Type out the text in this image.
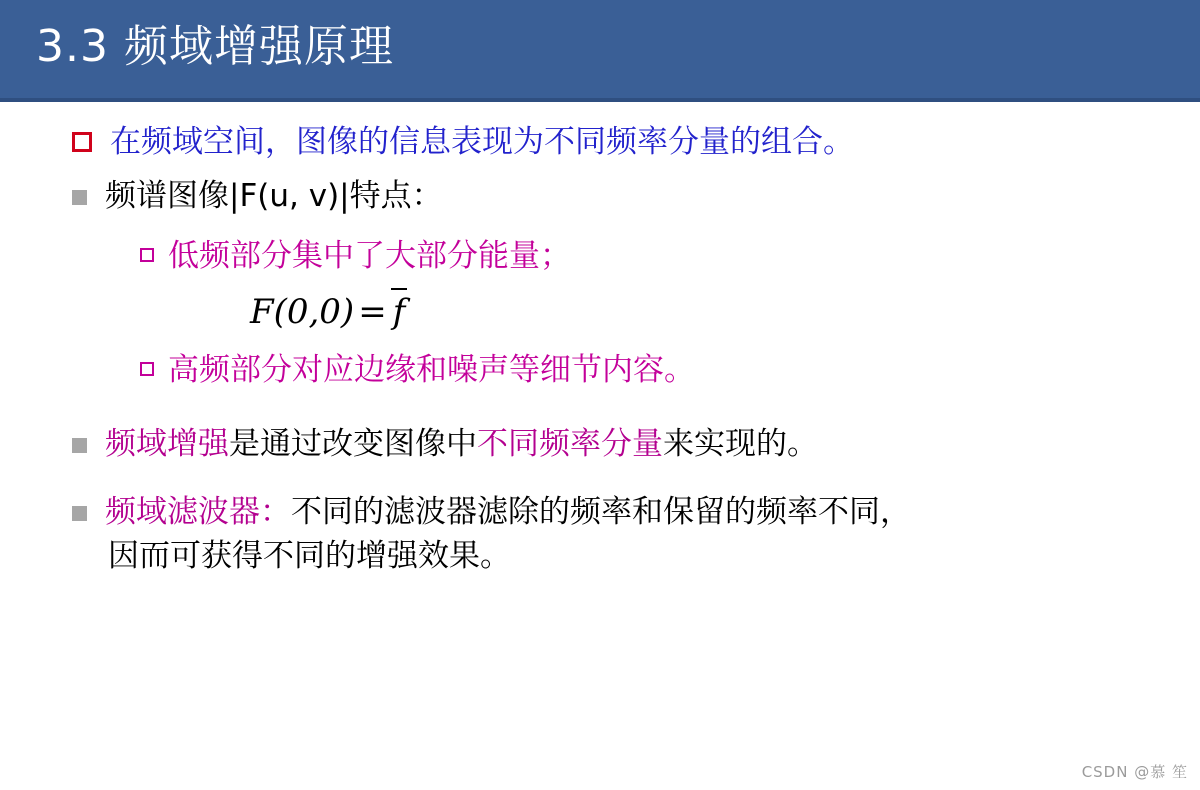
3.3 频域增强原理
在频域空间，图像的信息表现为不同频率分量的组合。
频谱图像|F(u, v)|特点：
低频部分集中了大部分能量；
F(0,0) = f
高频部分对应边缘和噪声等细节内容。
频域增强是通过改变图像中不同频率分量来实现的。
频域滤波器：不同的滤波器滤除的频率和保留的频率不同，
因而可获得不同的增强效果。
CSDN @慕 笙
